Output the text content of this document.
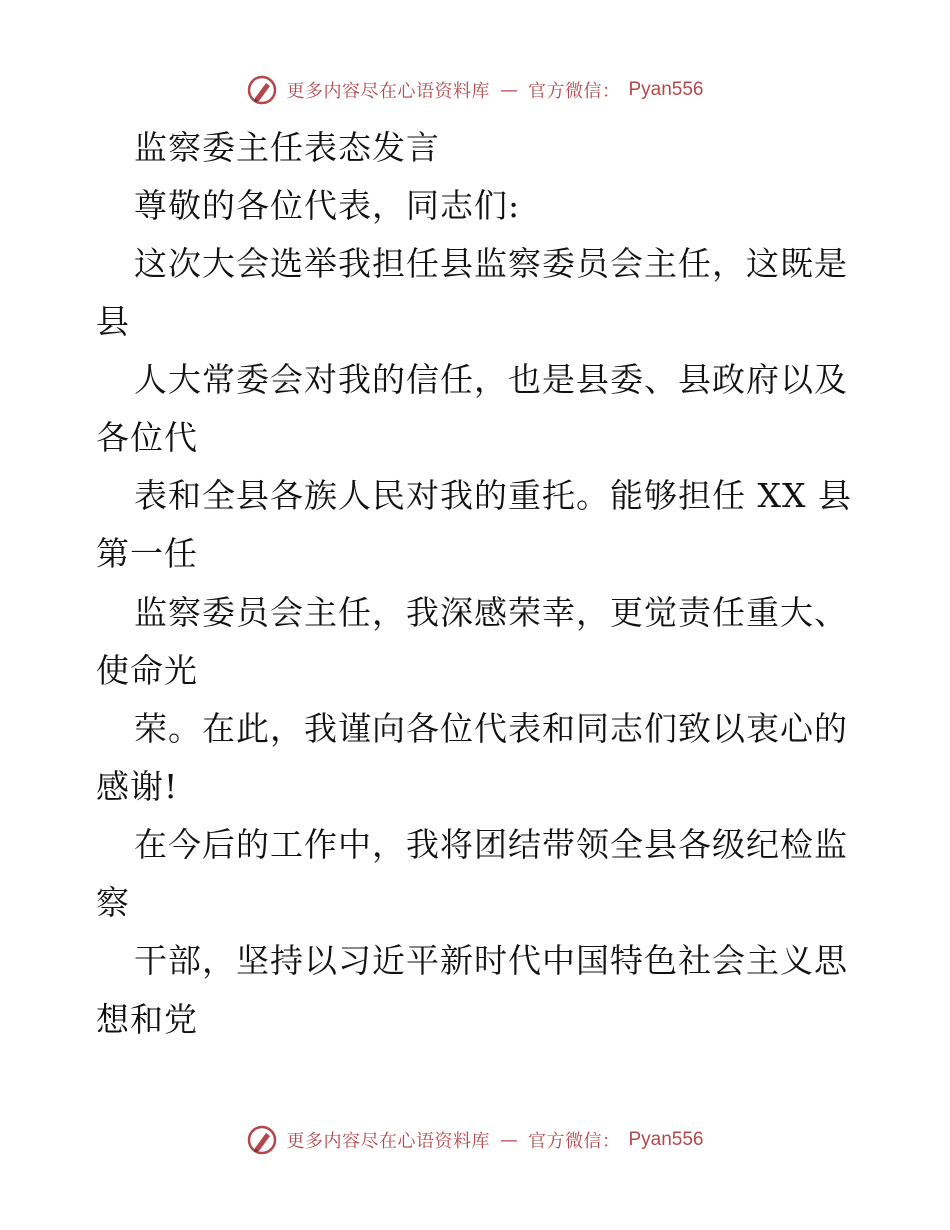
更多内容尽在心语资料库 — 官方微信： Pyan556
监察委主任表态发言
尊敬的各位代表，同志们:
这次大会选举我担任县监察委员会主任，这既是
县
人大常委会对我的信任，也是县委、县政府以及
各位代
表和全县各族人民对我的重托。能够担任 XX 县
第一任
监察委员会主任，我深感荣幸，更觉责任重大、
使命光
荣。在此，我谨向各位代表和同志们致以衷心的
感谢!
在今后的工作中，我将团结带领全县各级纪检监
察
干部，坚持以习近平新时代中国特色社会主义思
想和党
更多内容尽在心语资料库 — 官方微信： Pyan556
